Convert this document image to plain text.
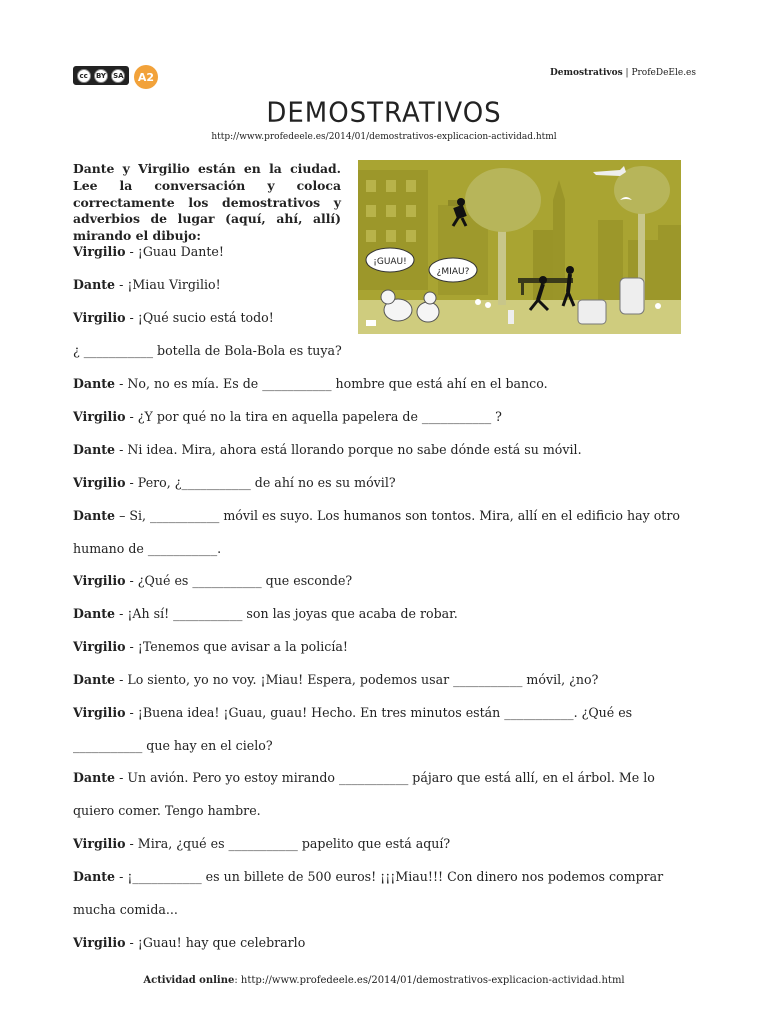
cc	BY SA	A2	Demostrativos | ProfeDeEle.es
DEMOSTRATIVOS
http://www.profedeele.es/2014/01/demostrativos-explicacion-actividad.html
Dante y Virgilio están en la ciudad. Lee la conversación y coloca correctamente los demostrativos y adverbios de lugar (aquí, ahí, allí) mirando el dibujo:
¡GUAU!
¿MIAU?
Virgilio - ¡Guau Dante!
Dante - ¡Miau Virgilio!
Virgilio - ¡Qué sucio está todo!
¿ ___________ botella de Bola-Bola es tuya?
Dante - No, no es mía. Es de ___________ hombre que está ahí en el banco.
Virgilio - ¿Y por qué no la tira en aquella papelera de ___________ ?
Dante - Ni idea. Mira, ahora está llorando porque no sabe dónde está su móvil.
Virgilio - Pero, ¿___________ de ahí no es su móvil?
Dante – Si, ___________ móvil es suyo. Los humanos son tontos. Mira, allí en el edificio hay otro
humano de ___________.
Virgilio - ¿Qué es ___________ que esconde?
Dante - ¡Ah sí! ___________ son las joyas que acaba de robar.
Virgilio - ¡Tenemos que avisar a la policía!
Dante - Lo siento, yo no voy. ¡Miau! Espera, podemos usar ___________ móvil, ¿no?
Virgilio - ¡Buena idea! ¡Guau, guau! Hecho. En tres minutos están ___________. ¿Qué es
___________ que hay en el cielo?
Dante - Un avión. Pero yo estoy mirando ___________ pájaro que está allí, en el árbol. Me lo
quiero comer. Tengo hambre.
Virgilio - Mira, ¿qué es ___________ papelito que está aquí?
Dante - ¡___________ es un billete de 500 euros! ¡¡¡Miau!!! Con dinero nos podemos comprar
mucha comida...
Virgilio - ¡Guau! hay que celebrarlo
Actividad online: http://www.profedeele.es/2014/01/demostrativos-explicacion-actividad.html
